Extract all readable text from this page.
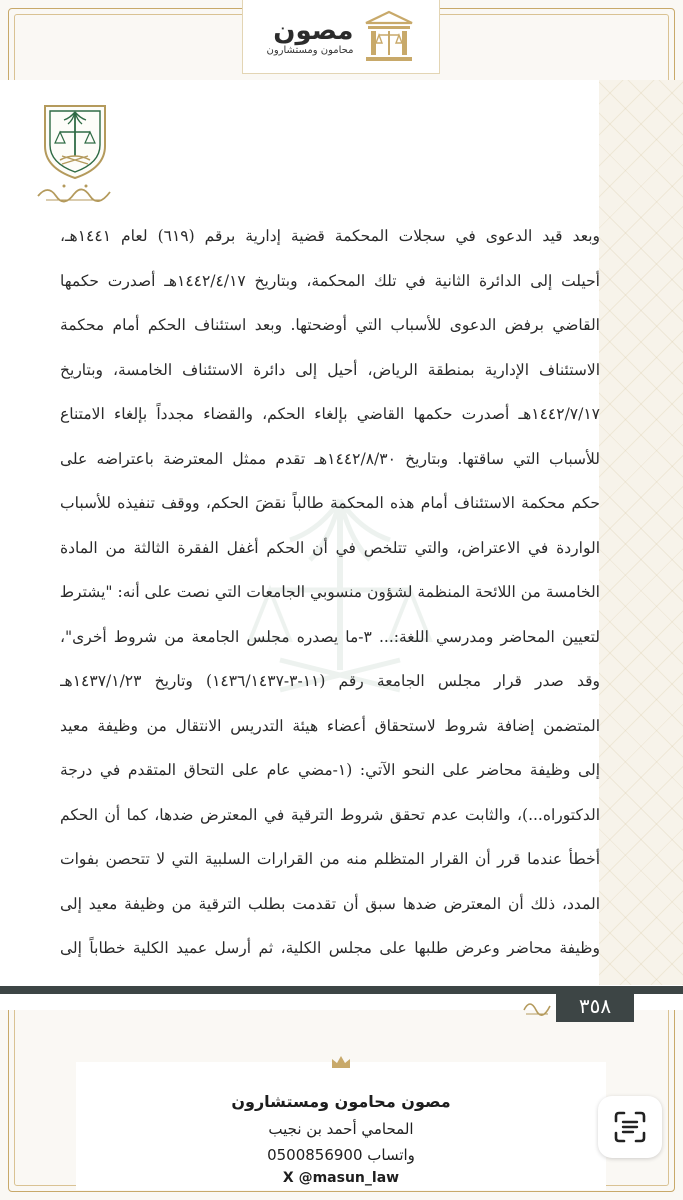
مصون
محامون ومستشارون
وبعد قيد الدعوى في سجلات المحكمة قضية إدارية برقم (٦١٩) لعام ١٤٤١هـ،
أحيلت إلى الدائرة الثانية في تلك المحكمة، وبتاريخ ١٤٤٢/٤/١٧هـ أصدرت حكمها
القاضي برفض الدعوى للأسباب التي أوضحتها. وبعد استئناف الحكم أمام محكمة
الاستئناف الإدارية بمنطقة الرياض، أحيل إلى دائرة الاستئناف الخامسة، وبتاريخ
١٤٤٢/٧/١٧هـ أصدرت حكمها القاضي بإلغاء الحكم، والقضاء مجدداً بإلغاء الامتناع
للأسباب التي ساقتها. وبتاريخ ١٤٤٢/٨/٣٠هـ تقدم ممثل المعترضة باعتراضه على
حكم محكمة الاستئناف أمام هذه المحكمة طالباً نقضَ الحكم، ووقف تنفيذه للأسباب
الواردة في الاعتراض، والتي تتلخص في أن الحكم أغفل الفقرة الثالثة من المادة
الخامسة من اللائحة المنظمة لشؤون منسوبي الجامعات التي نصت على أنه: "يشترط
لتعيين المحاضر ومدرسي اللغة:... ٣-ما يصدره مجلس الجامعة من شروط أخرى"،
وقد صدر قرار مجلس الجامعة رقم (١١-٣-١٤٣٦/١٤٣٧) وتاريخ ١٤٣٧/١/٢٣هـ
المتضمن إضافة شروط لاستحقاق أعضاء هيئة التدريس الانتقال من وظيفة معيد
إلى وظيفة محاضر على النحو الآتي: (١-مضي عام على التحاق المتقدم في درجة
الدكتوراه...)، والثابت عدم تحقق شروط الترقية في المعترض ضدها، كما أن الحكم
أخطأ عندما قرر أن القرار المتظلم منه من القرارات السلبية التي لا تتحصن بفوات
المدد، ذلك أن المعترض ضدها سبق أن تقدمت بطلب الترقية من وظيفة معيد إلى
وظيفة محاضر وعرض طلبها على مجلس الكلية، ثم أرسل عميد الكلية خطاباً إلى
٣٥٨
مصون محامون ومستشارون
المحامي أحمد بن نجيب
واتساب 0500856900
X @masun_law
